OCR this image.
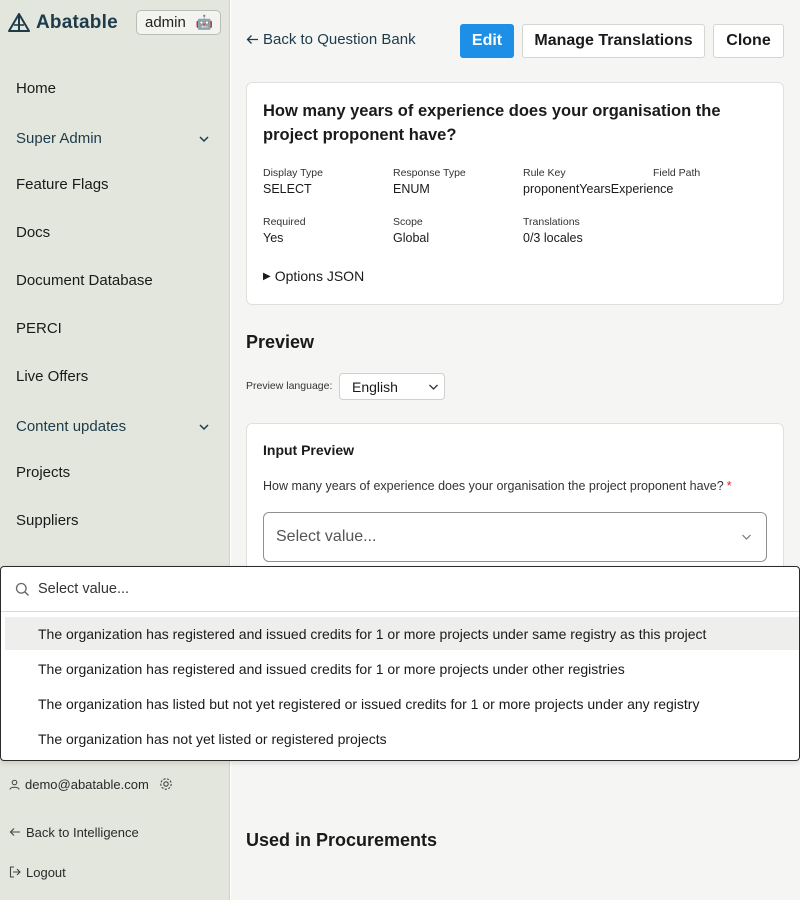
Abatable admin 🤖
Home
Super Admin
Feature Flags
Docs
Document Database
PERCI
Live Offers
Content updates
Projects
Suppliers
demo@abatable.com
Back to Intelligence
Logout
Back to Question Bank	Edit	Manage Translations	Clone
How many years of experience does your organisation the project proponent have?
Display Type
SELECT
Response Type
ENUM
Rule Key
proponentYearsExperience
Field Path
Required
Yes
Scope
Global
Translations
0/3 locales
▶ Options JSON
Preview
Preview language: English
Input Preview
How many years of experience does your organisation the project proponent have? *
Select value...
Used in Procurements
Select value...
The organization has registered and issued credits for 1 or more projects under same registry as this project
The organization has registered and issued credits for 1 or more projects under other registries
The organization has listed but not yet registered or issued credits for 1 or more projects under any registry
The organization has not yet listed or registered projects
